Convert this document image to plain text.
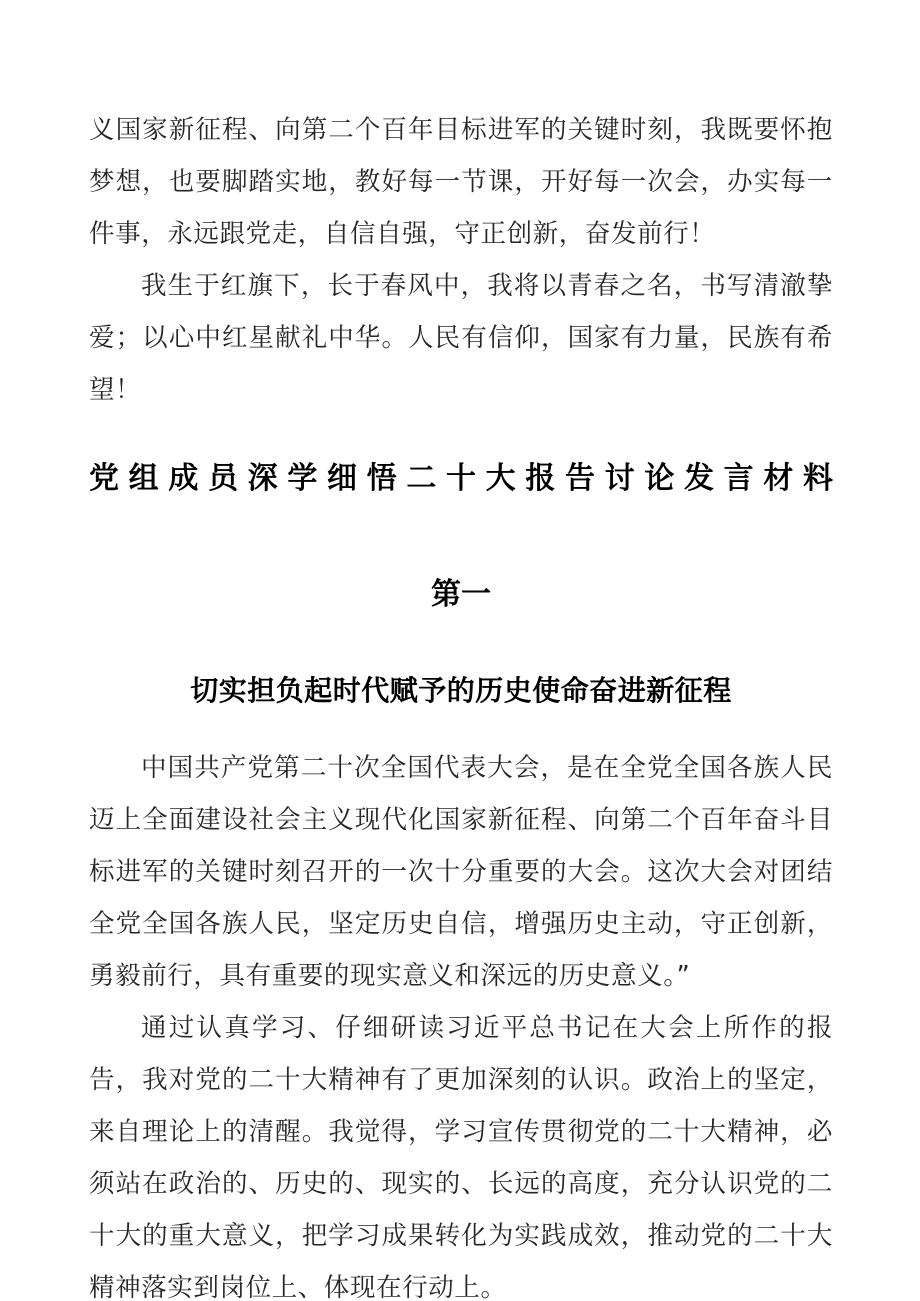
义国家新征程、向第二个百年目标进军的关键时刻，我既要怀抱梦想，也要脚踏实地，教好每一节课，开好每一次会，办实每一件事，永远跟党走，自信自强，守正创新，奋发前行！

我生于红旗下，长于春风中，我将以青春之名，书写清澈挚爱；以心中红星献礼中华。人民有信仰，国家有力量，民族有希望！

党组成员深学细悟二十大报告讨论发言材料
第一
切实担负起时代赋予的历史使命奋进新征程

中国共产党第二十次全国代表大会，是在全党全国各族人民迈上全面建设社会主义现代化国家新征程、向第二个百年奋斗目标进军的关键时刻召开的一次十分重要的大会。这次大会对团结全党全国各族人民，坚定历史自信，增强历史主动，守正创新，勇毅前行，具有重要的现实意义和深远的历史意义。”

通过认真学习、仔细研读习近平总书记在大会上所作的报告，我对党的二十大精神有了更加深刻的认识。政治上的坚定，来自理论上的清醒。我觉得，学习宣传贯彻党的二十大精神，必须站在政治的、历史的、现实的、长远的高度，充分认识党的二十大的重大意义，把学习成果转化为实践成效，推动党的二十大精神落实到岗位上、体现在行动上。
